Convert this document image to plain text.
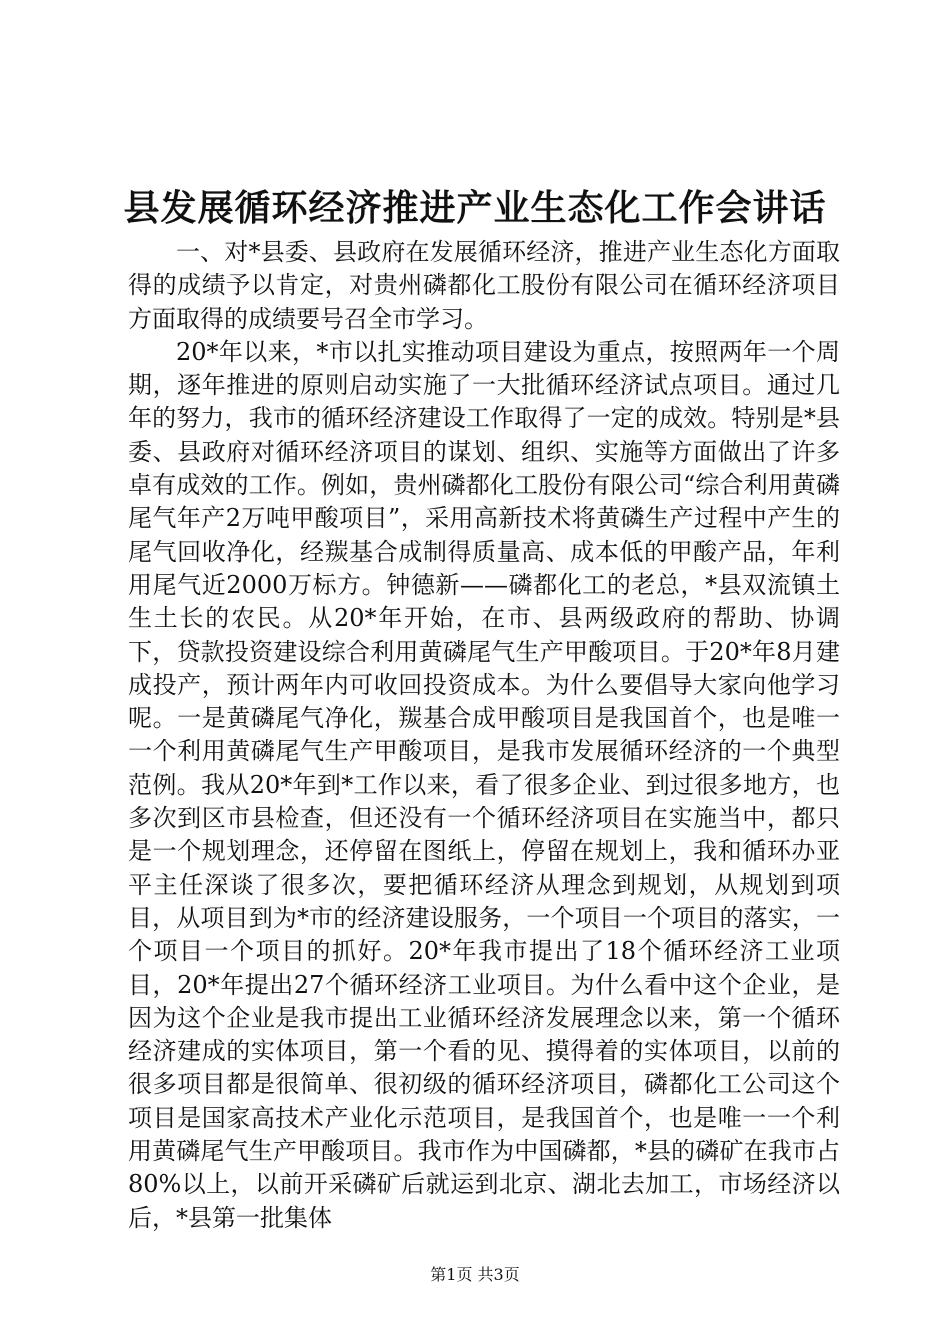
县发展循环经济推进产业生态化工作会讲话

一、对*县委、县政府在发展循环经济，推进产业生态化方面取得的成绩予以肯定，对贵州磷都化工股份有限公司在循环经济项目方面取得的成绩要号召全市学习。

20*年以来，*市以扎实推动项目建设为重点，按照两年一个周期，逐年推进的原则启动实施了一大批循环经济试点项目。通过几年的努力，我市的循环经济建设工作取得了一定的成效。特别是*县委、县政府对循环经济项目的谋划、组织、实施等方面做出了许多卓有成效的工作。例如，贵州磷都化工股份有限公司“综合利用黄磷尾气年产2万吨甲酸项目”，采用高新技术将黄磷生产过程中产生的尾气回收净化，经羰基合成制得质量高、成本低的甲酸产品，年利用尾气近2000万标方。钟德新——磷都化工的老总，*县双流镇土生土长的农民。从20*年开始，在市、县两级政府的帮助、协调下，贷款投资建设综合利用黄磷尾气生产甲酸项目。于20*年8月建成投产，预计两年内可收回投资成本。为什么要倡导大家向他学习呢。一是黄磷尾气净化，羰基合成甲酸项目是我国首个，也是唯一一个利用黄磷尾气生产甲酸项目，是我市发展循环经济的一个典型范例。我从20*年到*工作以来，看了很多企业、到过很多地方，也多次到区市县检查，但还没有一个循环经济项目在实施当中，都只是一个规划理念，还停留在图纸上，停留在规划上，我和循环办亚平主任深谈了很多次，要把循环经济从理念到规划，从规划到项目，从项目到为*市的经济建设服务，一个项目一个项目的落实，一个项目一个项目的抓好。20*年我市提出了18个循环经济工业项目，20*年提出27个循环经济工业项目。为什么看中这个企业，是因为这个企业是我市提出工业循环经济发展理念以来，第一个循环经济建成的实体项目，第一个看的见、摸得着的实体项目，以前的很多项目都是很简单、很初级的循环经济项目，磷都化工公司这个项目是国家高技术产业化示范项目，是我国首个，也是唯一一个利用黄磷尾气生产甲酸项目。我市作为中国磷都，*县的磷矿在我市占80%以上，以前开采磷矿后就运到北京、湖北去加工，市场经济以后，*县第一批集体

第1页 共3页
